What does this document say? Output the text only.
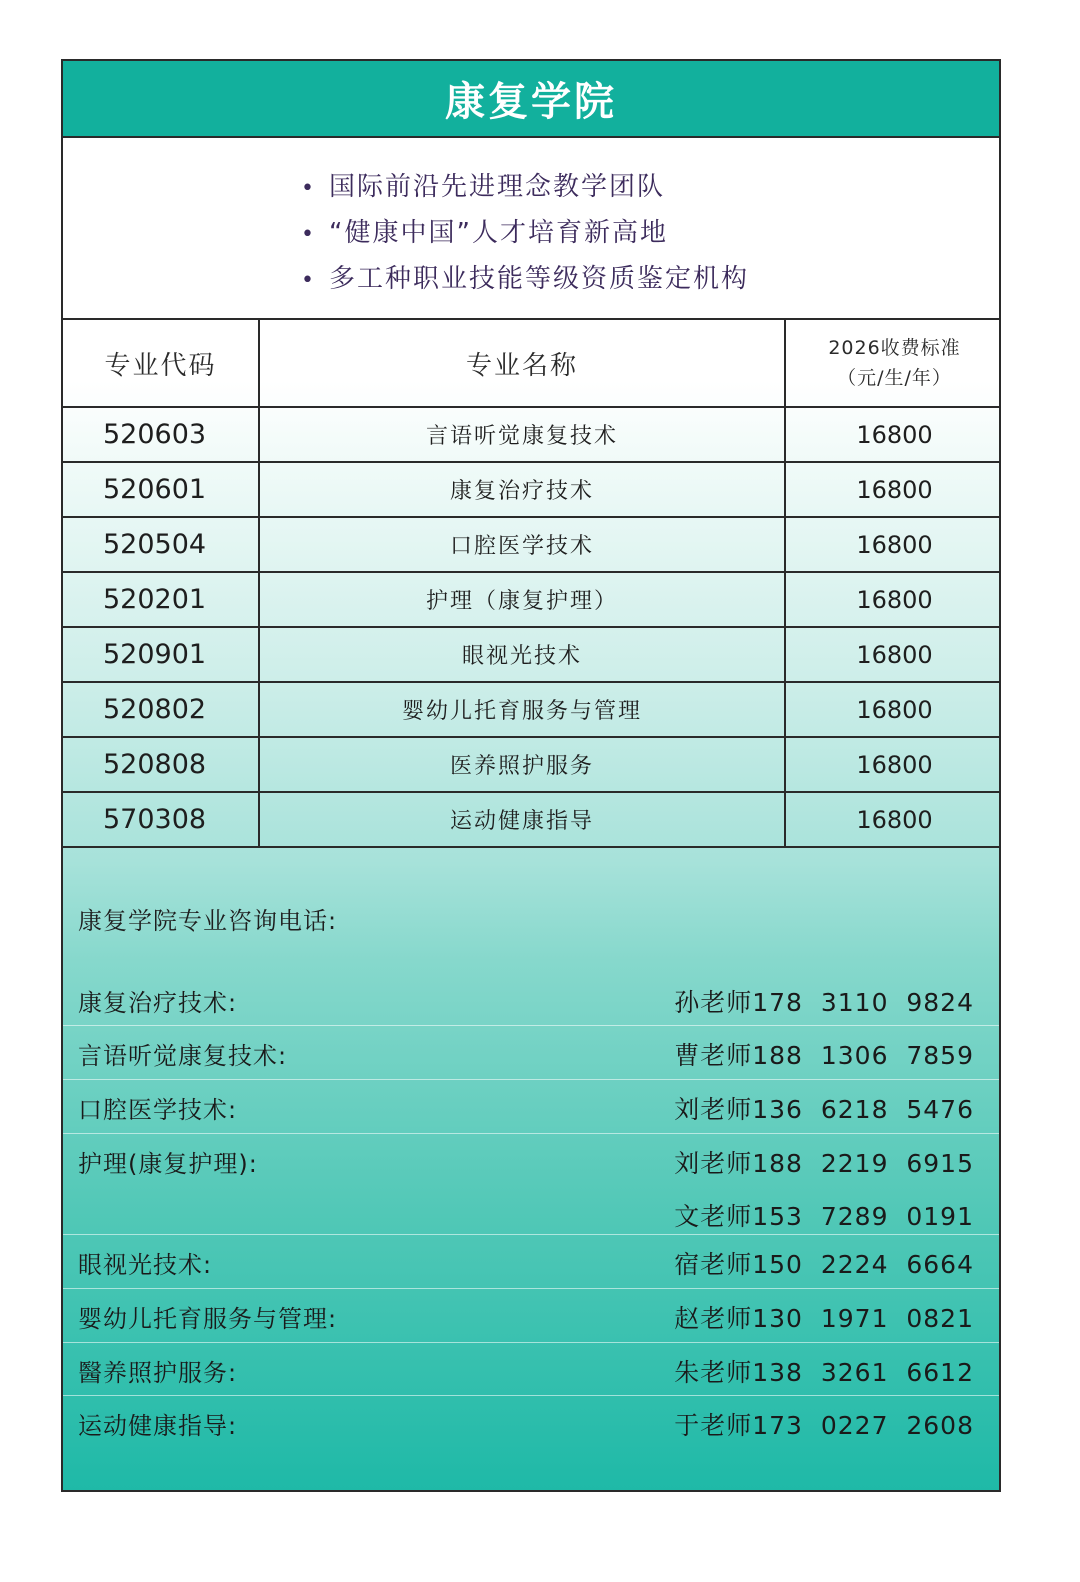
康复学院
• 国际前沿先进理念教学团队
• “健康中国”人才培育新高地
• 多工种职业技能等级资质鉴定机构
专业代码	专业名称	2026收费标准
（元/生/年）

520603	言语听觉康复技术	16800
520601	康复治疗技术	16800
520504	口腔医学技术	16800
520201	护理（康复护理）	16800
520901	眼视光技术	16800
520802	婴幼儿托育服务与管理	16800
520808	医养照护服务	16800
570308	运动健康指导	16800
康复学院专业咨询电话:
康复治疗技术:	孙老师178  3110  9824
言语听觉康复技术:	曹老师188  1306  7859
口腔医学技术:	刘老师136  6218  5476
护理(康复护理):	刘老师188  2219  6915
文老师153  7289  0191
眼视光技术:	宿老师150  2224  6664
婴幼儿托育服务与管理:	赵老师130  1971  0821
醫养照护服务:	朱老师138  3261  6612
运动健康指导:	于老师173  0227  2608
